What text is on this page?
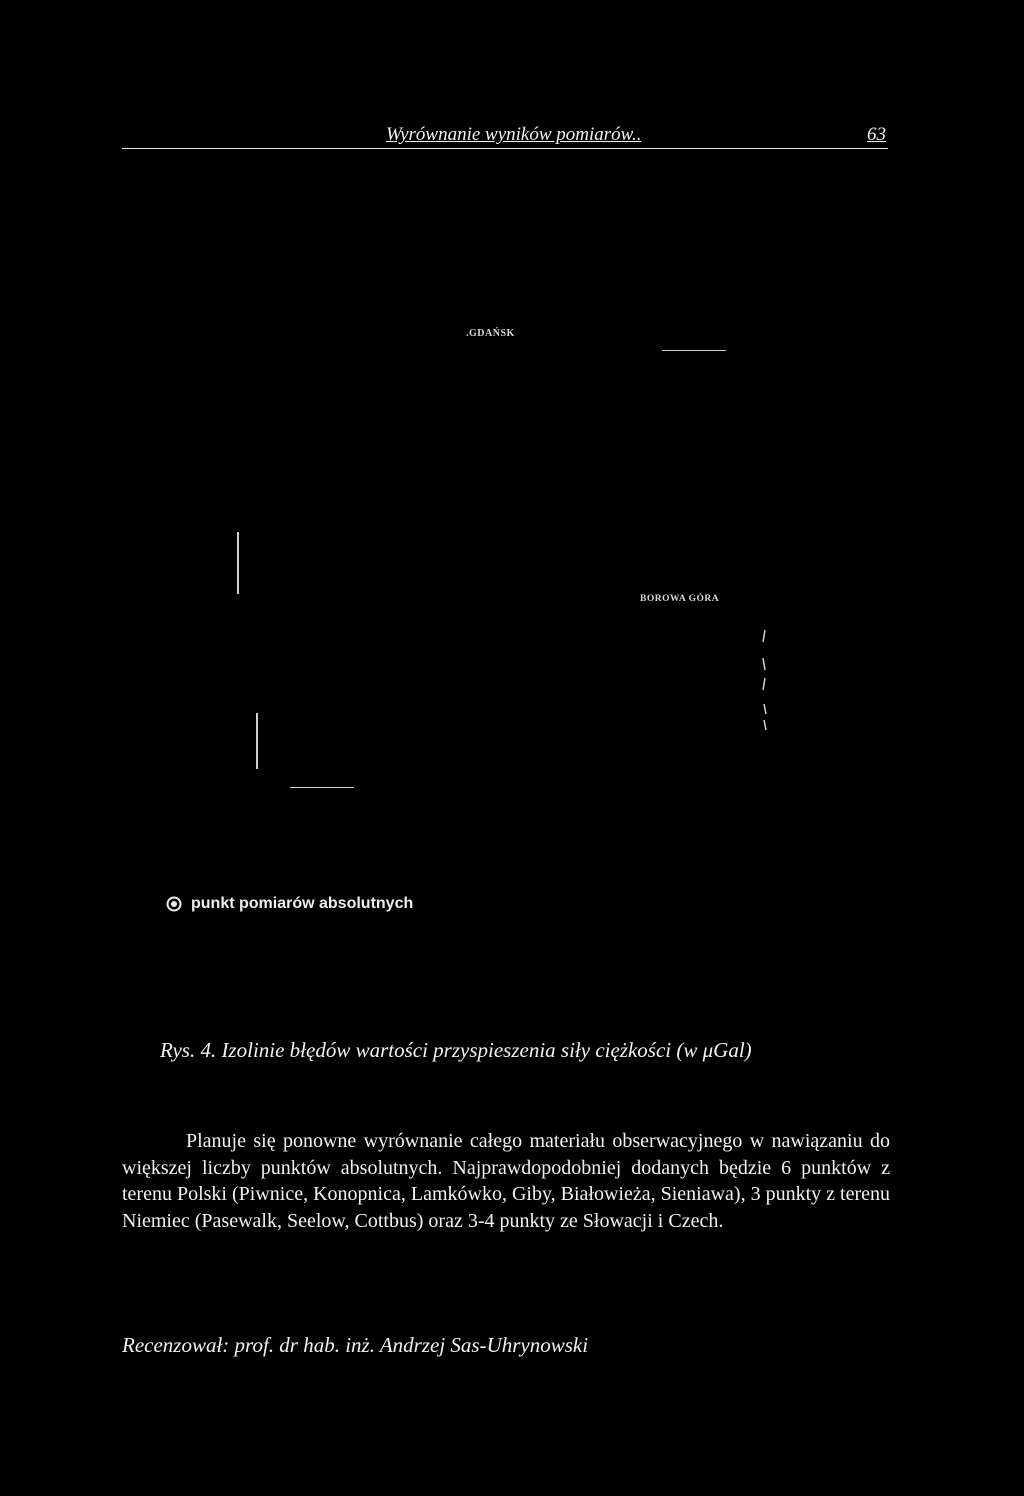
Wyrównanie wyników pomiarów..	63
.GDAŃSK
BOROWA GÓRA
punkt pomiarów absolutnych
Rys. 4. Izolinie błędów wartości przyspieszenia siły ciężkości (w μGal)

Planuje się ponowne wyrównanie całego materiału obserwacyjnego w nawiązaniu do większej liczby punktów absolutnych. Najprawdopodobniej dodanych będzie 6 punktów z terenu Polski (Piwnice, Konopnica, Lamkówko, Giby, Białowieża, Sieniawa), 3 punkty z terenu Niemiec (Pasewalk, Seelow, Cottbus) oraz 3-4 punkty ze Słowacji i Czech.

Recenzował: prof. dr hab. inż. Andrzej Sas-Uhrynowski
